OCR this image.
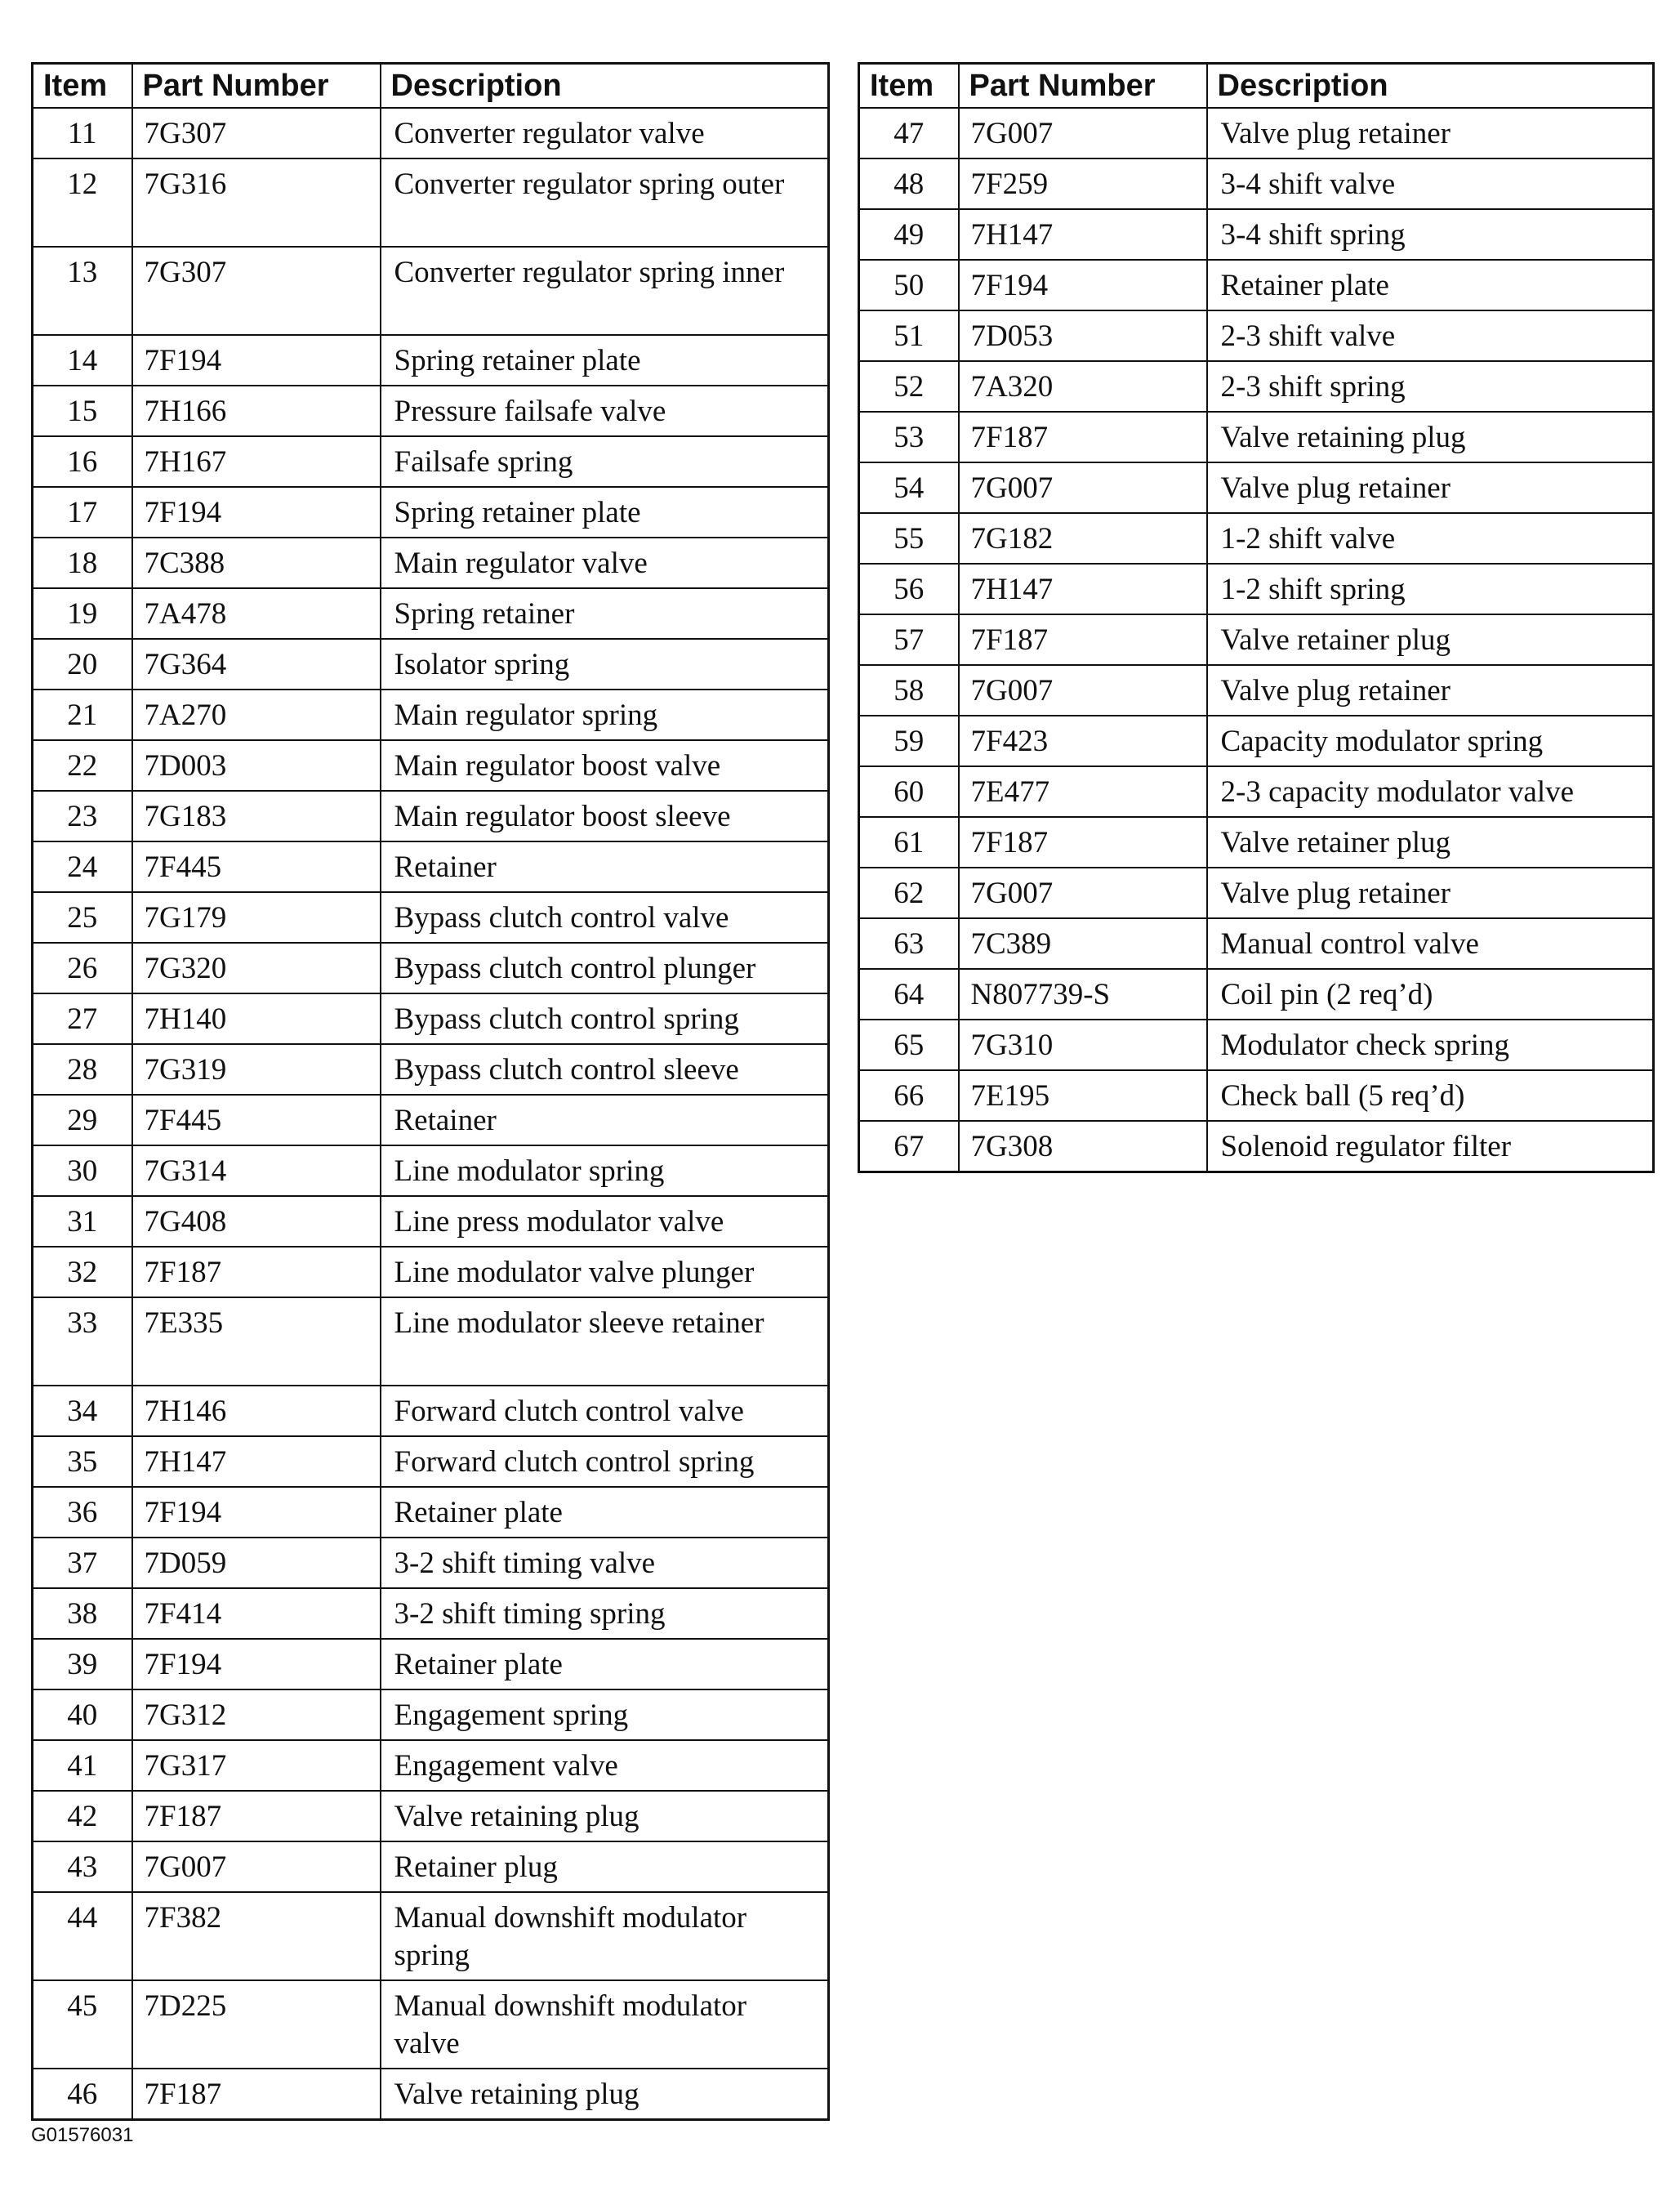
Item	Part Number	Description
11	7G307	Converter regulator valve
12	7G316	Converter regulator spring outer
13	7G307	Converter regulator spring inner
14	7F194	Spring retainer plate
15	7H166	Pressure failsafe valve
16	7H167	Failsafe spring
17	7F194	Spring retainer plate
18	7C388	Main regulator valve
19	7A478	Spring retainer
20	7G364	Isolator spring
21	7A270	Main regulator spring
22	7D003	Main regulator boost valve
23	7G183	Main regulator boost sleeve
24	7F445	Retainer
25	7G179	Bypass clutch control valve
26	7G320	Bypass clutch control plunger
27	7H140	Bypass clutch control spring
28	7G319	Bypass clutch control sleeve
29	7F445	Retainer
30	7G314	Line modulator spring
31	7G408	Line press modulator valve
32	7F187	Line modulator valve plunger
33	7E335	Line modulator sleeve retainer
34	7H146	Forward clutch control valve
35	7H147	Forward clutch control spring
36	7F194	Retainer plate
37	7D059	3-2 shift timing valve
38	7F414	3-2 shift timing spring
39	7F194	Retainer plate
40	7G312	Engagement spring
41	7G317	Engagement valve
42	7F187	Valve retaining plug
43	7G007	Retainer plug
44	7F382	Manual downshift modulator spring
45	7D225	Manual downshift modulator valve
46	7F187	Valve retaining plug
Item	Part Number	Description
47	7G007	Valve plug retainer
48	7F259	3-4 shift valve
49	7H147	3-4 shift spring
50	7F194	Retainer plate
51	7D053	2-3 shift valve
52	7A320	2-3 shift spring
53	7F187	Valve retaining plug
54	7G007	Valve plug retainer
55	7G182	1-2 shift valve
56	7H147	1-2 shift spring
57	7F187	Valve retainer plug
58	7G007	Valve plug retainer
59	7F423	Capacity modulator spring
60	7E477	2-3 capacity modulator valve
61	7F187	Valve retainer plug
62	7G007	Valve plug retainer
63	7C389	Manual control valve
64	N807739-S	Coil pin (2 req’d)
65	7G310	Modulator check spring
66	7E195	Check ball (5 req’d)
67	7G308	Solenoid regulator filter
G01576031
